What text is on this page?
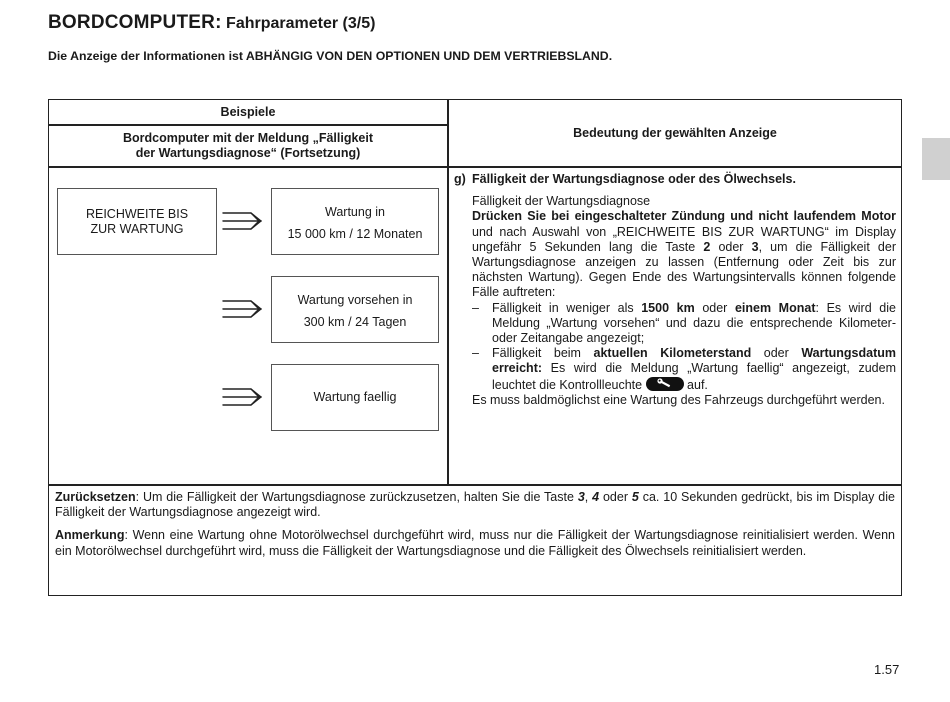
BORDCOMPUTER: Fahrparameter (3/5)
Die Anzeige der Informationen ist ABHÄNGIG VON DEN OPTIONEN UND DEM VERTRIEBSLAND.
Beispiele
Bordcomputer mit der Meldung „Fälligkeit
der Wartungsdiagnose“ (Fortsetzung)
Bedeutung der gewählten Anzeige
REICHWEITE BIS
ZUR WARTUNG
Wartung in
15 000 km / 12 Monaten
Wartung vorsehen in
300 km / 24 Tagen
Wartung faellig
g) Fälligkeit der Wartungsdiagnose oder des Ölwechsels.
Fälligkeit der Wartungsdiagnose

Drücken Sie bei eingeschalteter Zündung und nicht laufendem Motor und nach Auswahl von „REICHWEITE BIS ZUR WARTUNG“ im Display ungefähr 5 Sekunden lang die Taste 2 oder 3, um die Fälligkeit der Wartungsdiagnose anzeigen zu lassen (Entfernung oder Zeit bis zur nächsten Wartung). Gegen Ende des Wartungsintervalls können folgende Fälle auftreten:

–	Fälligkeit in weniger als 1500 km oder einem Monat: Es wird die Meldung „Wartung vorsehen“ und dazu die entsprechende Kilometer- oder Zeitangabe angezeigt;
–	Fälligkeit beim aktuellen Kilometerstand oder Wartungsdatum erreicht: Es wird die Meldung „Wartung faellig“ angezeigt, zudem leuchtet die Kontrollleuchte	auf.

Es muss baldmöglichst eine Wartung des Fahrzeugs durchgeführt werden.

Zurücksetzen: Um die Fälligkeit der Wartungsdiagnose zurückzusetzen, halten Sie die Taste 3, 4 oder 5 ca. 10 Sekunden gedrückt, bis im Display die Fälligkeit der Wartungsdiagnose angezeigt wird.

Anmerkung: Wenn eine Wartung ohne Motorölwechsel durchgeführt wird, muss nur die Fälligkeit der Wartungsdiagnose reinitialisiert werden. Wenn ein Motorölwechsel durchgeführt wird, muss die Fälligkeit der Wartungsdiagnose und die Fälligkeit des Ölwechsels reinitialisiert werden.

1.57
